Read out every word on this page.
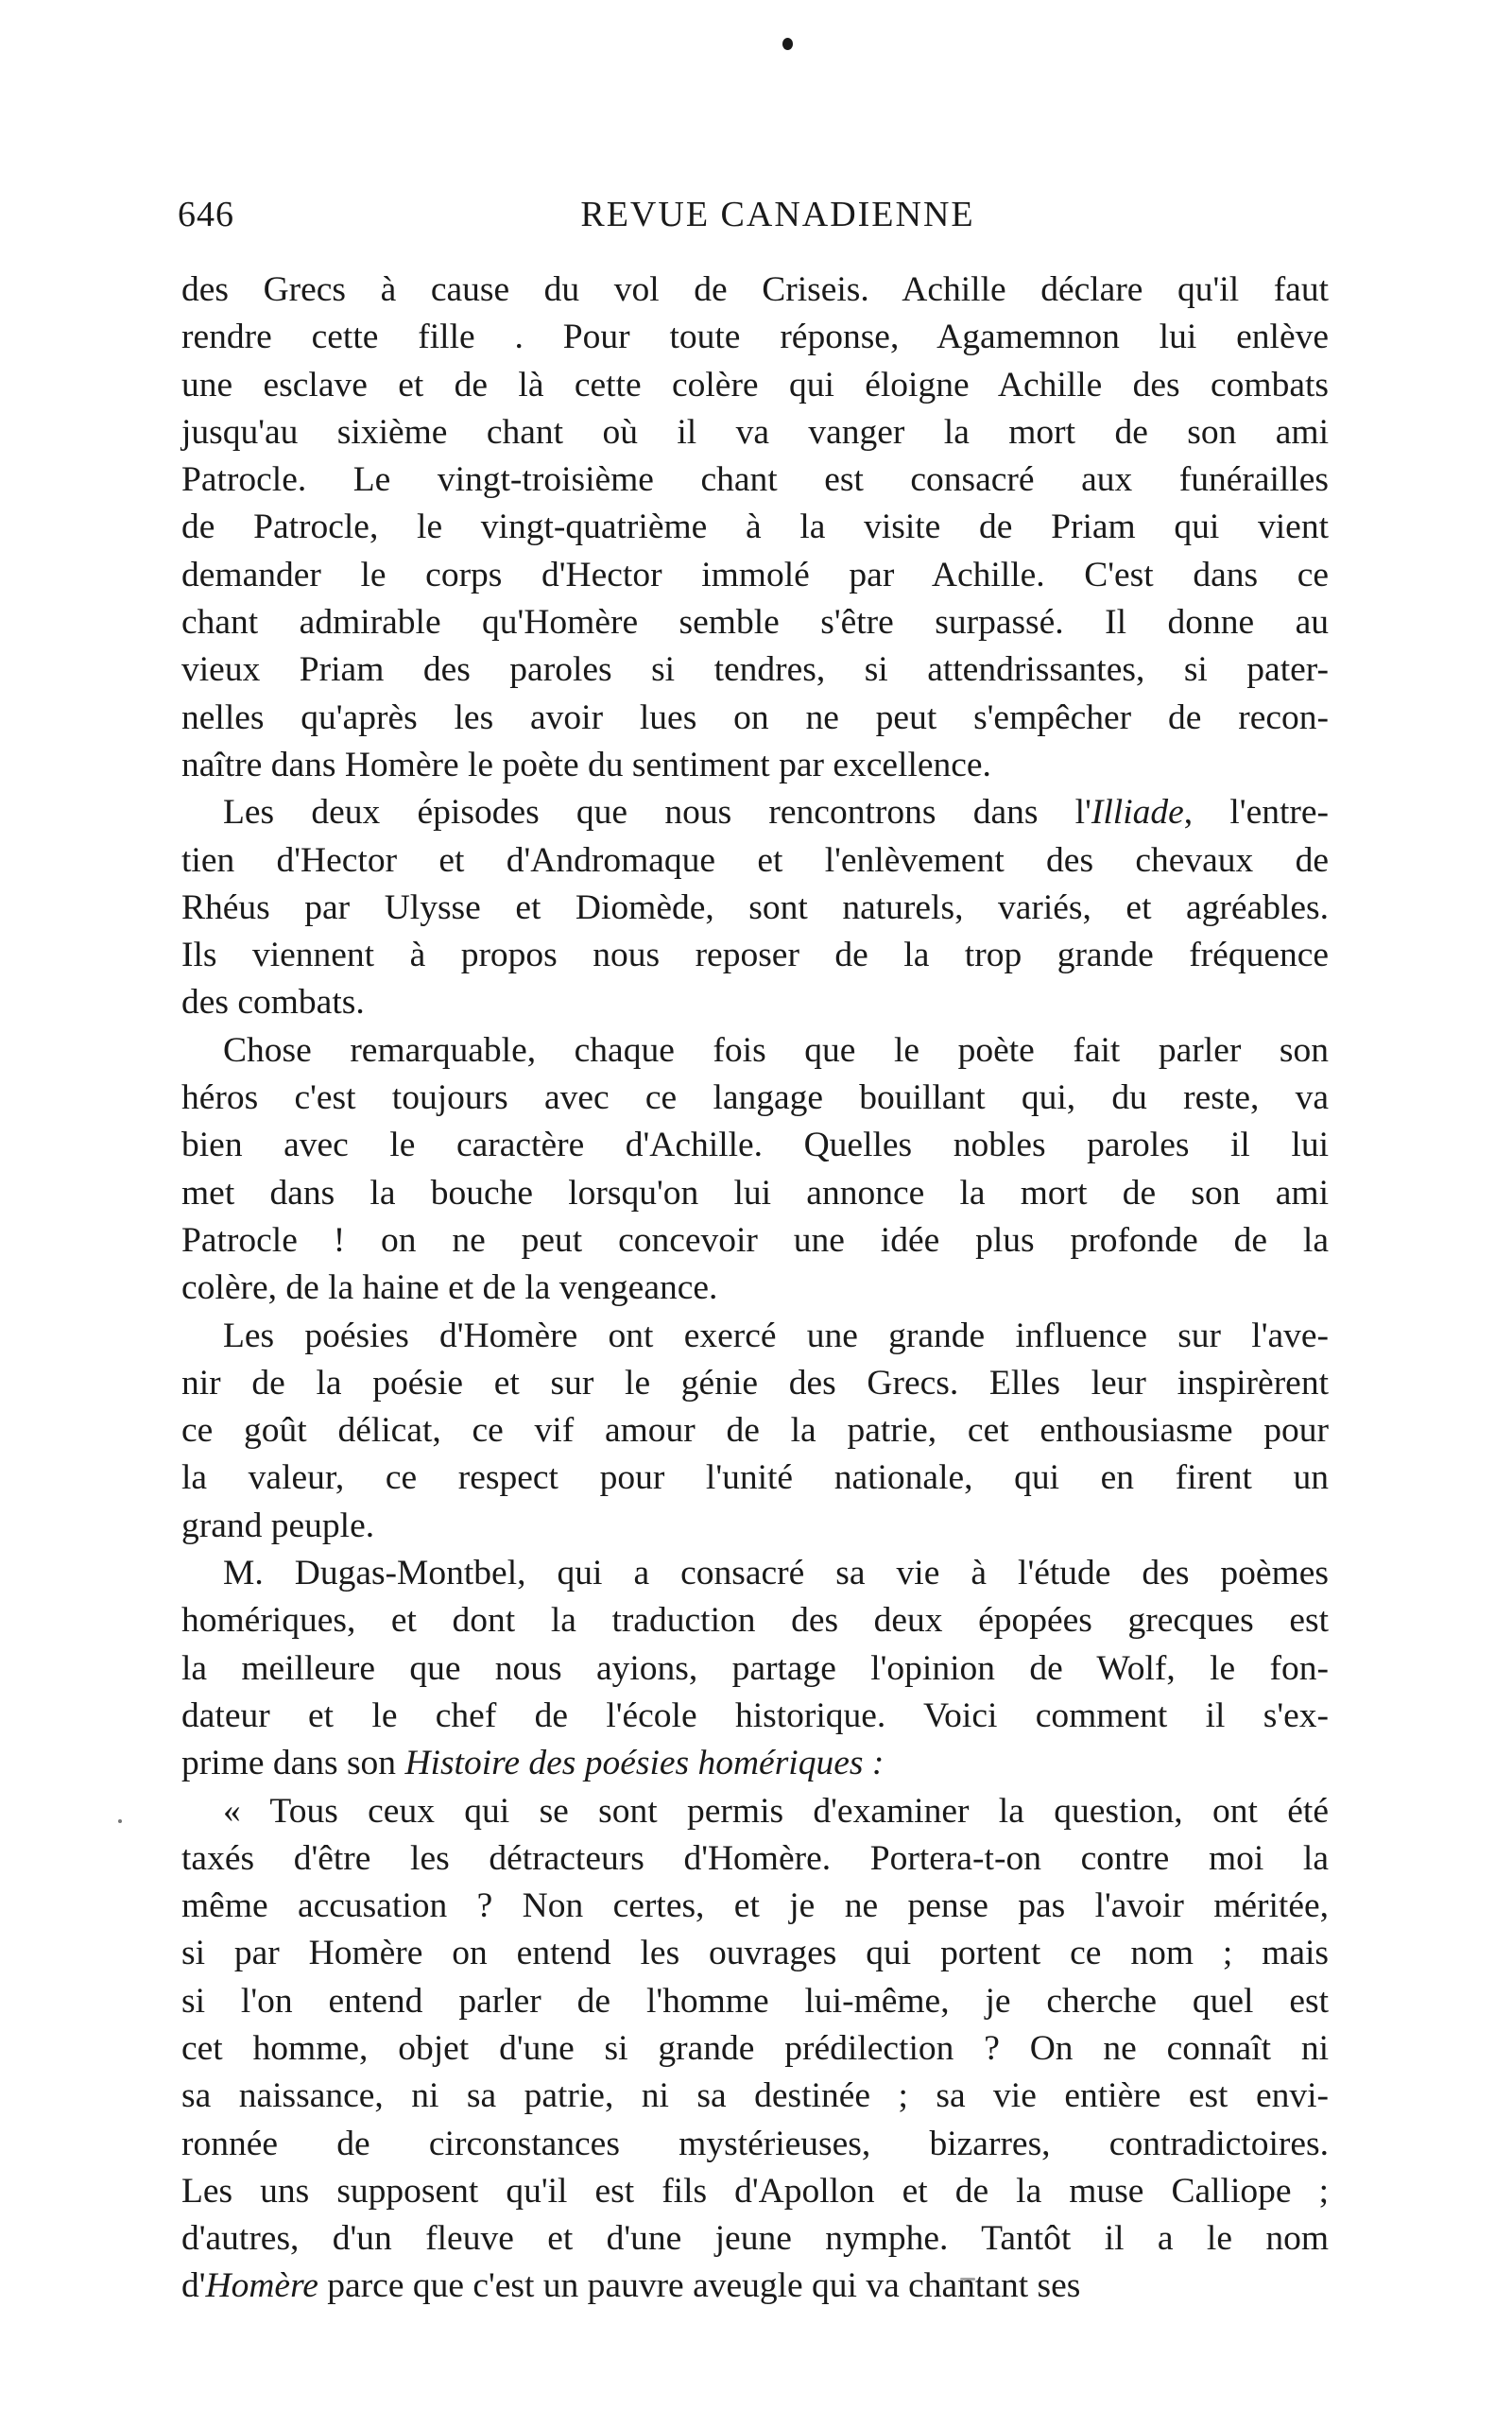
646	REVUE CANADIENNE
des Grecs à cause du vol de Criseis. Achille déclare qu'il faut
rendre cette fille . Pour toute réponse, Agamemnon lui enlève
une esclave et de là cette colère qui éloigne Achille des combats
jusqu'au sixième chant où il va vanger la mort de son ami
Patrocle. Le vingt-troisième chant est consacré aux funérailles
de Patrocle, le vingt-quatrième à la visite de Priam qui vient
demander le corps d'Hector immolé par Achille. C'est dans ce
chant admirable qu'Homère semble s'être surpassé. Il donne au
vieux Priam des paroles si tendres, si attendrissantes, si pater-
nelles qu'après les avoir lues on ne peut s'empêcher de recon-
naître dans Homère le poète du sentiment par excellence.
Les deux épisodes que nous rencontrons dans l'Illiade, l'entre-
tien d'Hector et d'Andromaque et l'enlèvement des chevaux de
Rhéus par Ulysse et Diomède, sont naturels, variés, et agréables.
Ils viennent à propos nous reposer de la trop grande fréquence
des combats.
Chose remarquable, chaque fois que le poète fait parler son
héros c'est toujours avec ce langage bouillant qui, du reste, va
bien avec le caractère d'Achille. Quelles nobles paroles il lui
met dans la bouche lorsqu'on lui annonce la mort de son ami
Patrocle ! on ne peut concevoir une idée plus profonde de la
colère, de la haine et de la vengeance.
Les poésies d'Homère ont exercé une grande influence sur l'ave-
nir de la poésie et sur le génie des Grecs. Elles leur inspirèrent
ce goût délicat, ce vif amour de la patrie, cet enthousiasme pour
la valeur, ce respect pour l'unité nationale, qui en firent un
grand peuple.
M. Dugas-Montbel, qui a consacré sa vie à l'étude des poèmes
homériques, et dont la traduction des deux épopées grecques est
la meilleure que nous ayions, partage l'opinion de Wolf, le fon-
dateur et le chef de l'école historique. Voici comment il s'ex-
prime dans son Histoire des poésies homériques :
« Tous ceux qui se sont permis d'examiner la question, ont été
taxés d'être les détracteurs d'Homère. Portera-t-on contre moi la
même accusation ? Non certes, et je ne pense pas l'avoir méritée,
si par Homère on entend les ouvrages qui portent ce nom ; mais
si l'on entend parler de l'homme lui-même, je cherche quel est
cet homme, objet d'une si grande prédilection ? On ne connaît ni
sa naissance, ni sa patrie, ni sa destinée ; sa vie entière est envi-
ronnée de circonstances mystérieuses, bizarres, contradictoires.
Les uns supposent qu'il est fils d'Apollon et de la muse Calliope ;
d'autres, d'un fleuve et d'une jeune nymphe. Tantôt il a le nom
d'Homère parce que c'est un pauvre aveugle qui va chantant ses
